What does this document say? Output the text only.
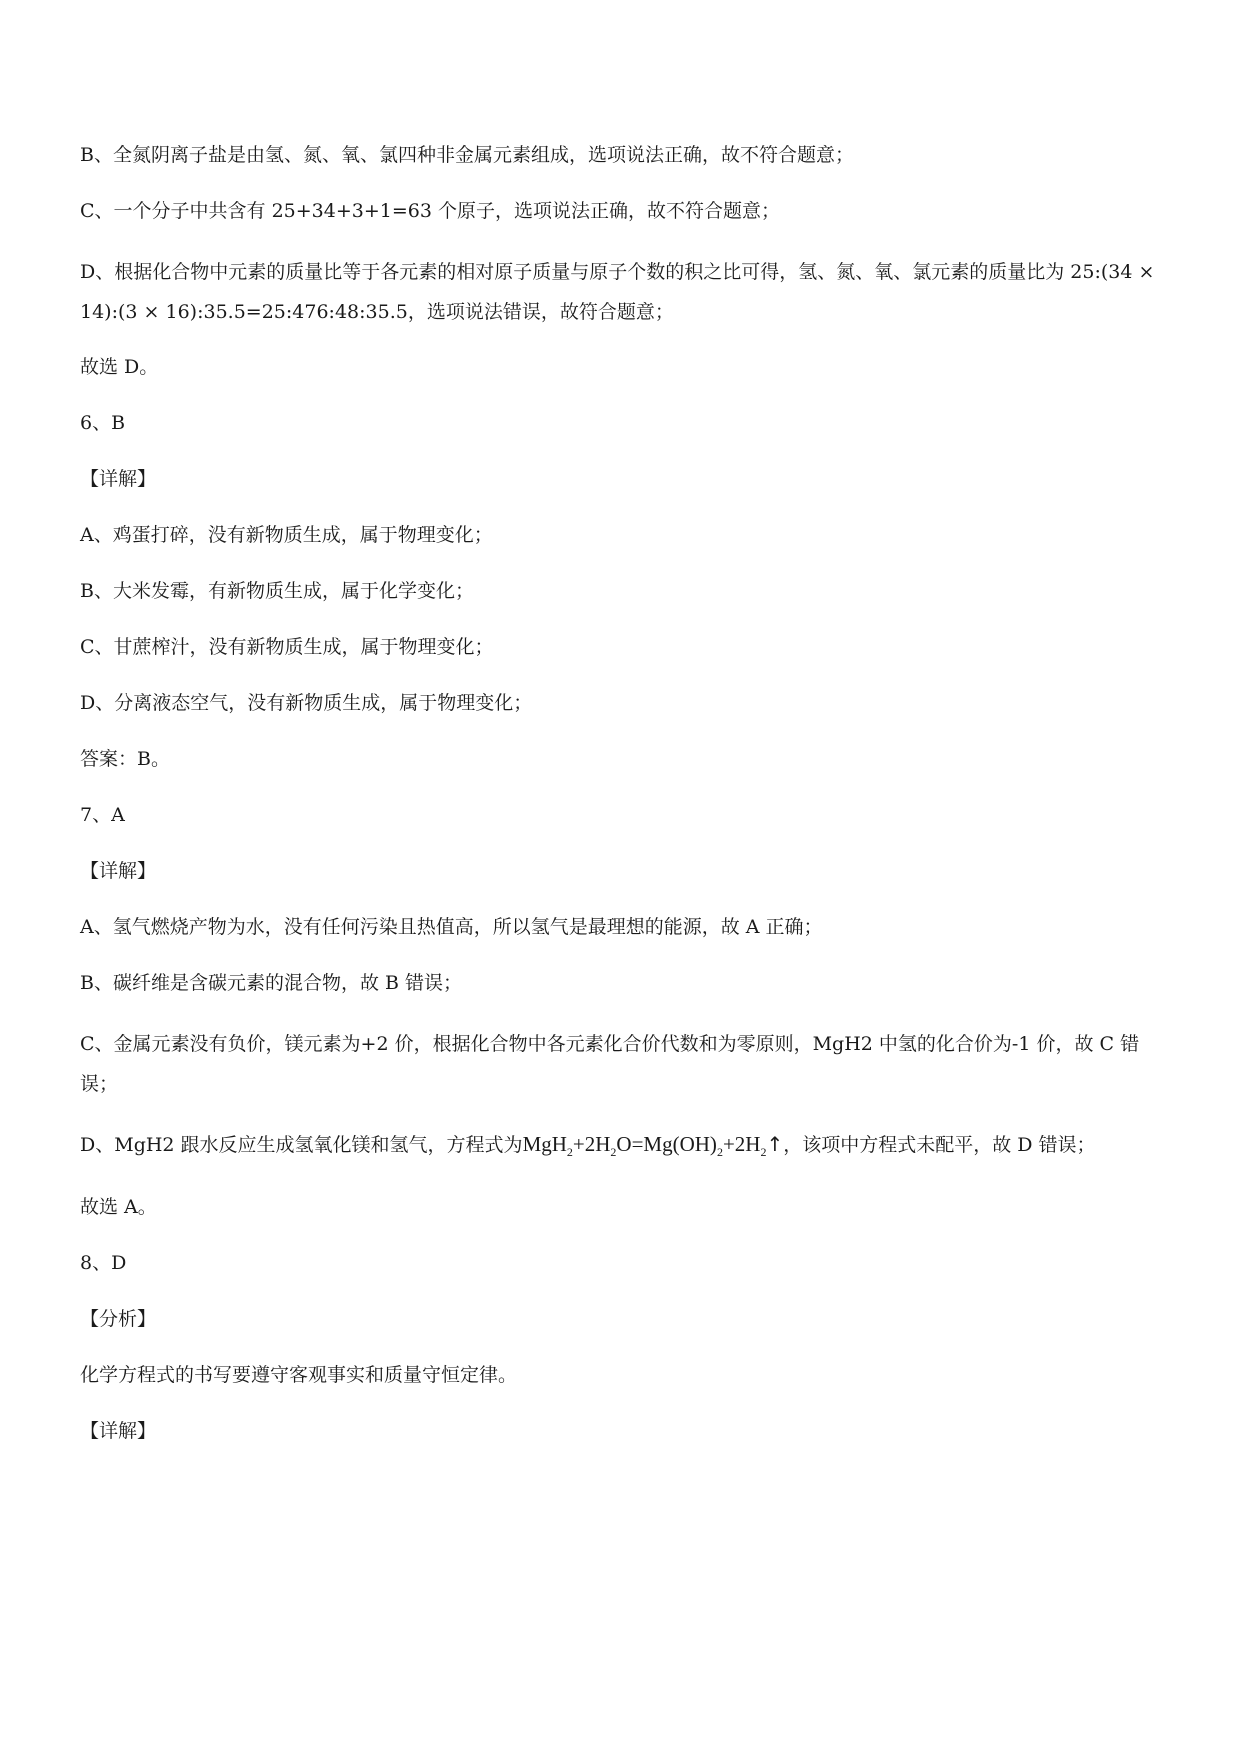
B、全氮阴离子盐是由氢、氮、氧、氯四种非金属元素组成，选项说法正确，故不符合题意；

C、一个分子中共含有 25+34+3+1=63 个原子，选项说法正确，故不符合题意；

D、根据化合物中元素的质量比等于各元素的相对原子质量与原子个数的积之比可得，氢、氮、氧、氯元素的质量比为 25:(34 × 14):(3 × 16):35.5=25:476:48:35.5，选项说法错误，故符合题意；

故选 D。

6、B

【详解】

A、鸡蛋打碎，没有新物质生成，属于物理变化；

B、大米发霉，有新物质生成，属于化学变化；

C、甘蔗榨汁，没有新物质生成，属于物理变化；

D、分离液态空气，没有新物质生成，属于物理变化；

答案：B。

7、A

【详解】

A、氢气燃烧产物为水，没有任何污染且热值高，所以氢气是最理想的能源，故 A 正确；

B、碳纤维是含碳元素的混合物，故 B 错误；

C、金属元素没有负价，镁元素为+2 价，根据化合物中各元素化合价代数和为零原则，MgH2 中氢的化合价为-1 价，故 C 错误；

D、MgH2 跟水反应生成氢氧化镁和氢气，方程式为$MgH_2+2H_2O=Mg(OH)_2+2H_2↑$，该项中方程式未配平，故 D 错误；

故选 A。

8、D

【分析】

化学方程式的书写要遵守客观事实和质量守恒定律。

【详解】
